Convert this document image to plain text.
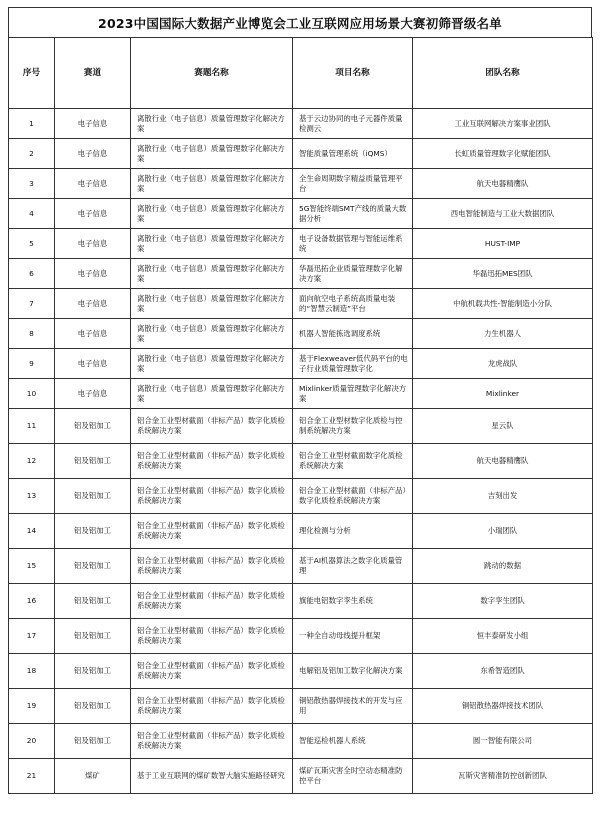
2023中国国际大数据产业博览会工业互联网应用场景大赛初筛晋级名单
序号	赛道	赛题名称	项目名称	团队名称
1	电子信息	离散行业（电子信息）质量管理数字化解决方案	基于云边协同的电子元器件质量检测云	工业互联网解决方案事业团队
2	电子信息	离散行业（电子信息）质量管理数字化解决方案	智能质量管理系统（iQMS）	长虹质量管理数字化赋能团队
3	电子信息	离散行业（电子信息）质量管理数字化解决方案	全生命周期数字精益质量管理平台	航天电器精鹰队
4	电子信息	离散行业（电子信息）质量管理数字化解决方案	5G智能终端SMT产线的质量大数据分析	西电智能制造与工业大数据团队
5	电子信息	离散行业（电子信息）质量管理数字化解决方案	电子设备数据管理与智能运维系统	HUST-IMP
6	电子信息	离散行业（电子信息）质量管理数字化解决方案	华磊迅拓企业质量管理数字化解决方案	华磊迅拓MES团队
7	电子信息	离散行业（电子信息）质量管理数字化解决方案	面向航空电子系统高质量电装的“智慧云制造”平台	中航机载共性-智能制造小分队
8	电子信息	离散行业（电子信息）质量管理数字化解决方案	机器人智能拣选调度系统	力生机器人
9	电子信息	离散行业（电子信息）质量管理数字化解决方案	基于Flexweaver低代码平台的电子行业质量管理数字化	龙虎战队
10	电子信息	离散行业（电子信息）质量管理数字化解决方案	Mixlinker质量管理数字化解决方案	Mixlinker
11	铝及铝加工	铝合金工业型材截面（非标产品）数字化质检系统解决方案	铝合金工业型材数字化质检与控制系统解决方案	星云队
12	铝及铝加工	铝合金工业型材截面（非标产品）数字化质检系统解决方案	铝合金工业型材截面数字化质检系统解决方案	航天电器精鹰队
13	铝及铝加工	铝合金工业型材截面（非标产品）数字化质检系统解决方案	铝合金工业型材截面（非标产品）数字化质检系统解决方案	吉刻出发
14	铝及铝加工	铝合金工业型材截面（非标产品）数字化质检系统解决方案	理化检测与分析	小瑞团队
15	铝及铝加工	铝合金工业型材截面（非标产品）数字化质检系统解决方案	基于AI机器算法之数字化质量管理	跳动的数据
16	铝及铝加工	铝合金工业型材截面（非标产品）数字化质检系统解决方案	旗能电铝数字孪生系统	数字孪生团队
17	铝及铝加工	铝合金工业型材截面（非标产品）数字化质检系统解决方案	一种全自动母线提升框架	恒丰泰研发小组
18	铝及铝加工	铝合金工业型材截面（非标产品）数字化质检系统解决方案	电解铝及铝加工数字化解决方案	东希智造团队
19	铝及铝加工	铝合金工业型材截面（非标产品）数字化质检系统解决方案	铜铝散热器焊接技术的开发与应用	铜铝散热器焊接技术团队
20	铝及铝加工	铝合金工业型材截面（非标产品）数字化质检系统解决方案	智能巡检机器人系统	圆一智能有限公司
21	煤矿	基于工业互联网的煤矿数智大脑实施路径研究	煤矿瓦斯灾害全时空动态精准防控平台	瓦斯灾害精准防控创新团队
